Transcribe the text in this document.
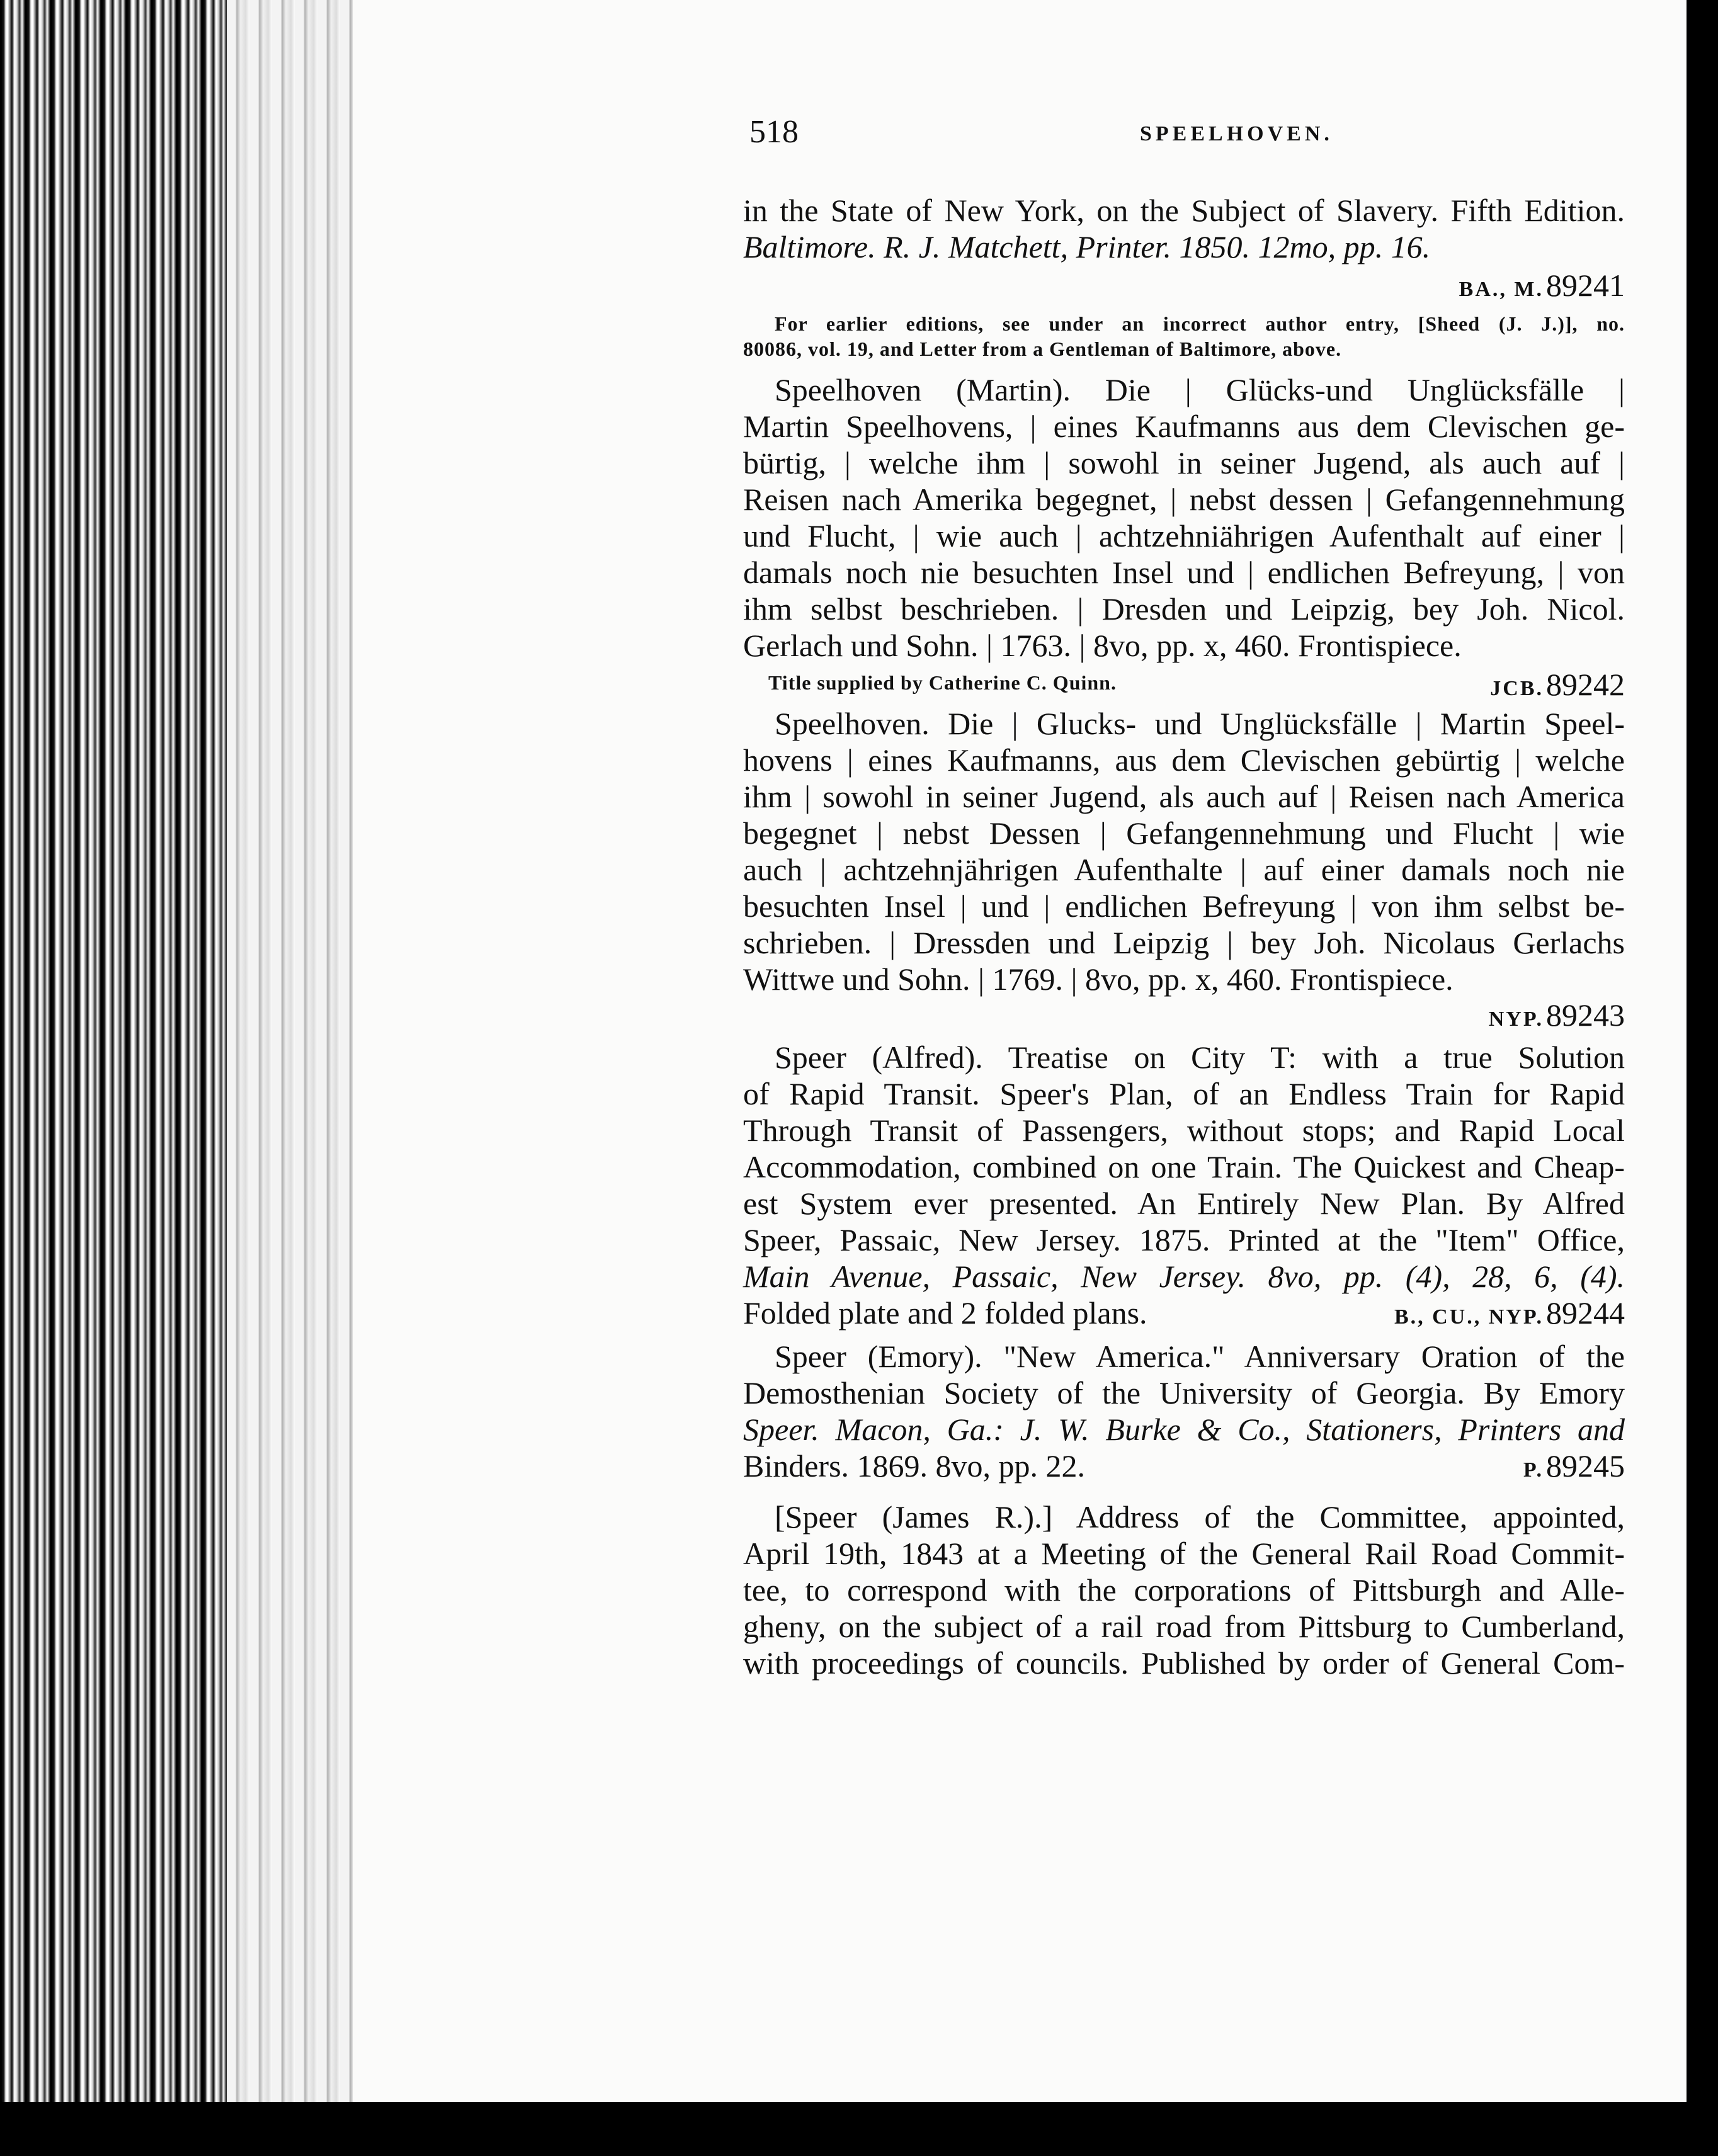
518	SPEELHOVEN.
in the State of New York, on the Subject of Slavery. Fifth Edition.
Baltimore. R. J. Matchett, Printer. 1850. 12mo, pp. 16.
BA., M. 89241
For earlier editions, see under an incorrect author entry, [Sheed (J. J.)], no.
80086, vol. 19, and Letter from a Gentleman of Baltimore, above.
Speelhoven (Martin). Die | Glücks-und Unglücksfälle |
Martin Speelhovens, | eines Kaufmanns aus dem Clevischen ge-
bürtig, | welche ihm | sowohl in seiner Jugend, als auch auf |
Reisen nach Amerika begegnet, | nebst dessen | Gefangennehmung
und Flucht, | wie auch | achtzehniährigen Aufenthalt auf einer |
damals noch nie besuchten Insel und | endlichen Befreyung, | von
ihm selbst beschrieben. | Dresden und Leipzig, bey Joh. Nicol.
Gerlach und Sohn. | 1763. | 8vo, pp. x, 460. Frontispiece.
Title supplied by Catherine C. Quinn.	JCB. 89242
Speelhoven. Die | Glucks- und Unglücksfälle | Martin Speel-
hovens | eines Kaufmanns, aus dem Clevischen gebürtig | welche
ihm | sowohl in seiner Jugend, als auch auf | Reisen nach America
begegnet | nebst Dessen | Gefangennehmung und Flucht | wie
auch | achtzehnjährigen Aufenthalte | auf einer damals noch nie
besuchten Insel | und | endlichen Befreyung | von ihm selbst be-
schrieben. | Dressden und Leipzig | bey Joh. Nicolaus Gerlachs
Wittwe und Sohn. | 1769. | 8vo, pp. x, 460. Frontispiece.
NYP. 89243
Speer (Alfred). Treatise on City T: with a true Solution
of Rapid Transit. Speer's Plan, of an Endless Train for Rapid
Through Transit of Passengers, without stops; and Rapid Local
Accommodation, combined on one Train. The Quickest and Cheap-
est System ever presented. An Entirely New Plan. By Alfred
Speer, Passaic, New Jersey. 1875. Printed at the "Item" Office,
Main Avenue, Passaic, New Jersey. 8vo, pp. (4), 28, 6, (4).
Folded plate and 2 folded plans.	B., CU., NYP. 89244
Speer (Emory). "New America." Anniversary Oration of the
Demosthenian Society of the University of Georgia. By Emory
Speer. Macon, Ga.: J. W. Burke & Co., Stationers, Printers and
Binders. 1869. 8vo, pp. 22.	P. 89245
[Speer (James R.).] Address of the Committee, appointed,
April 19th, 1843 at a Meeting of the General Rail Road Commit-
tee, to correspond with the corporations of Pittsburgh and Alle-
gheny, on the subject of a rail road from Pittsburg to Cumberland,
with proceedings of councils. Published by order of General Com-
